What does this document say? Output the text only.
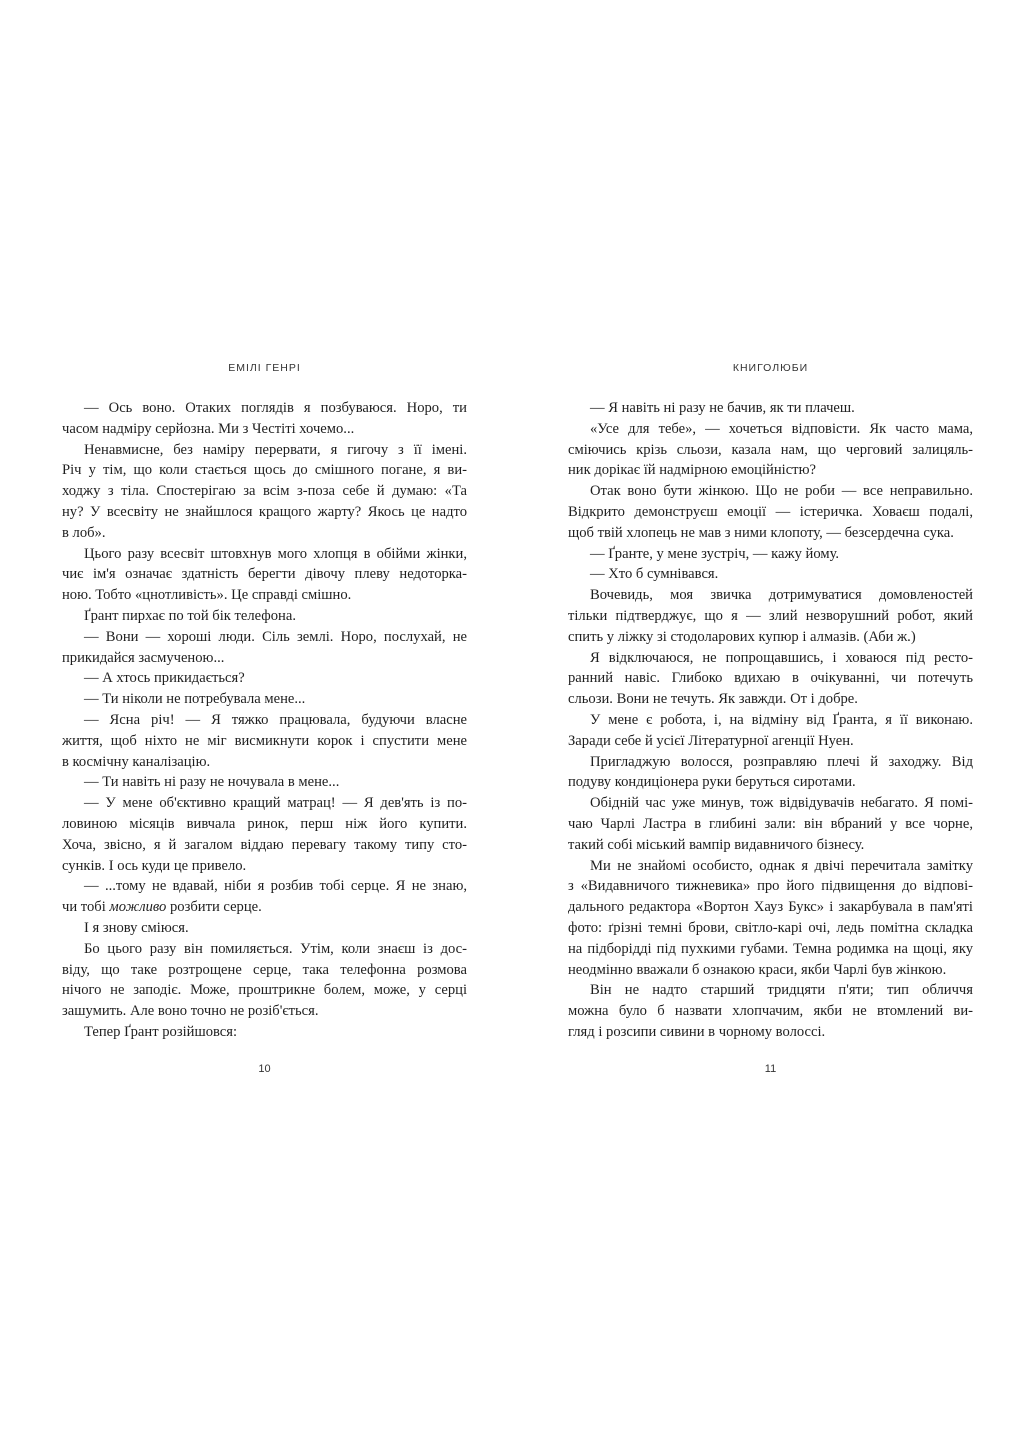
ЕМІЛІ ГЕНРІ
— Ось воно. Отаких поглядів я позбуваюся. Норо, ти
часом надміру серйозна. Ми з Честіті хочемо...
Ненавмисне, без наміру перервати, я гигочу з її імені.
Річ у тім, що коли стається щось до смішного погане, я ви-
ходжу з тіла. Спостерігаю за всім з-поза себе й думаю: «Та
ну? У всесвіту не знайшлося кращого жарту? Якось це надто
в лоб».
Цього разу всесвіт штовхнув мого хлопця в обійми жінки,
чиє ім'я означає здатність берегти дівочу плеву недоторка-
ною. Тобто «цнотливість». Це справді смішно.
Ґрант пирхає по той бік телефона.
— Вони — хороші люди. Сіль землі. Норо, послухай, не
прикидайся засмученою...
— А хтось прикидається?
— Ти ніколи не потребувала мене...
— Ясна річ! — Я тяжко працювала, будуючи власне
життя, щоб ніхто не міг висмикнути корок і спустити мене
в космічну каналізацію.
— Ти навіть ні разу не ночувала в мене...
— У мене об'єктивно кращий матрац! — Я дев'ять із по-
ловиною місяців вивчала ринок, перш ніж його купити.
Хоча, звісно, я й загалом віддаю перевагу такому типу сто-
сунків. І ось куди це привело.
— ...тому не вдавай, ніби я розбив тобі серце. Я не знаю,
чи тобі можливо розбити серце.
І я знову сміюся.
Бо цього разу він помиляється. Утім, коли знаєш із дос-
віду, що таке розтрощене серце, така телефонна розмова
нічого не заподіє. Може, проштрикне болем, може, у серці
зашумить. Але воно точно не розіб'ється.
Тепер Ґрант розійшовся:
10
КНИГОЛЮБИ
— Я навіть ні разу не бачив, як ти плачеш.
«Усе для тебе», — хочеться відповісти. Як часто мама,
сміючись крізь сльози, казала нам, що черговий залицяль-
ник дорікає їй надмірною емоційністю?
Отак воно бути жінкою. Що не роби — все неправильно.
Відкрито демонструєш емоції — істеричка. Ховаєш подалі,
щоб твій хлопець не мав з ними клопоту, — безсердечна сука.
— Ґранте, у мене зустріч, — кажу йому.
— Хто б сумнівався.
Вочевидь, моя звичка дотримуватися домовленостей
тільки підтверджує, що я — злий незворушний робот, який
спить у ліжку зі стодоларових купюр і алмазів. (Аби ж.)
Я відключаюся, не попрощавшись, і ховаюся під ресто-
ранний навіс. Глибоко вдихаю в очікуванні, чи потечуть
сльози. Вони не течуть. Як завжди. От і добре.
У мене є робота, і, на відміну від Ґранта, я її виконаю.
Заради себе й усієї Літературної агенції Нуен.
Пригладжую волосся, розправляю плечі й заходжу. Від
подуву кондиціонера руки беруться сиротами.
Обідній час уже минув, тож відвідувачів небагато. Я помі-
чаю Чарлі Ластра в глибині зали: він вбраний у все чорне,
такий собі міський вампір видавничого бізнесу.
Ми не знайомі особисто, однак я двічі перечитала замітку
з «Видавничого тижневика» про його підвищення до відпові-
дального редактора «Вортон Хауз Букс» і закарбувала в пам'яті
фото: ґрізні темні брови, світло-карі очі, ледь помітна складка
на підборідді під пухкими губами. Темна родимка на щоці, яку
неодмінно вважали б ознакою краси, якби Чарлі був жінкою.
Він не надто старший тридцяти п'яти; тип обличчя
можна було б назвати хлопчачим, якби не втомлений ви-
гляд і розсипи сивини в чорному волоссі.
11
